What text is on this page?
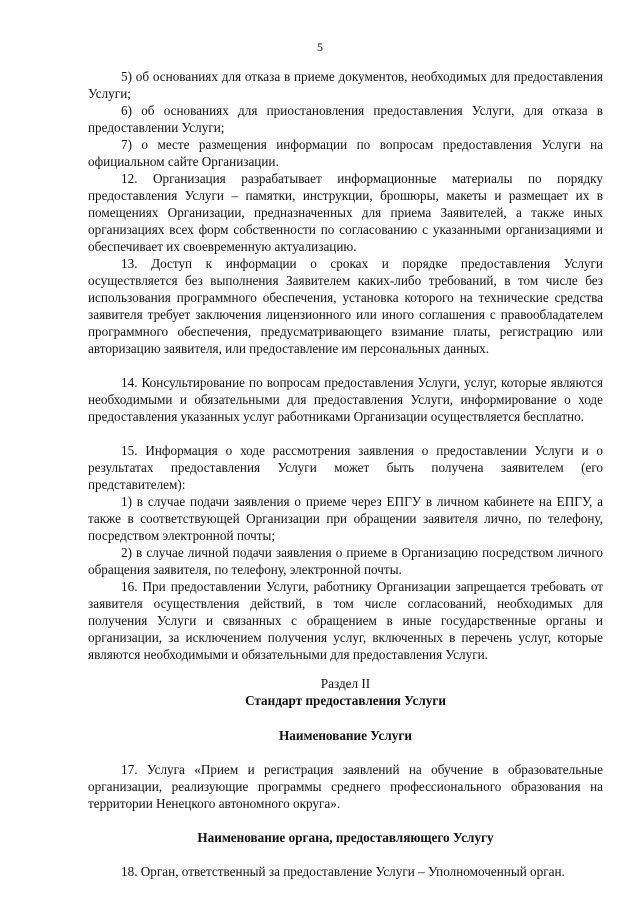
5
5) об основаниях для отказа в приеме документов, необходимых для предоставления Услуги;
6) об основаниях для приостановления предоставления Услуги, для отказа в предоставлении Услуги;
7) о месте размещения информации по вопросам предоставления Услуги на официальном сайте Организации.
12. Организация разрабатывает информационные материалы по порядку предоставления Услуги – памятки, инструкции, брошюры, макеты и размещает их в помещениях Организации, предназначенных для приема Заявителей, а также иных организациях всех форм собственности по согласованию с указанными организациями и обеспечивает их своевременную актуализацию.
13. Доступ к информации о сроках и порядке предоставления Услуги осуществляется без выполнения Заявителем каких-либо требований, в том числе без использования программного обеспечения, установка которого на технические средства заявителя требует заключения лицензионного или иного соглашения с правообладателем программного обеспечения, предусматривающего взимание платы, регистрацию или авторизацию заявителя, или предоставление им персональных данных.
14. Консультирование по вопросам предоставления Услуги, услуг, которые являются необходимыми и обязательными для предоставления Услуги, информирование о ходе предоставления указанных услуг работниками Организации осуществляется бесплатно.
15. Информация о ходе рассмотрения заявления о предоставлении Услуги и о результатах предоставления Услуги может быть получена заявителем (его представителем):
1) в случае подачи заявления о приеме через ЕПГУ в личном кабинете на ЕПГУ, а также в соответствующей Организации при обращении заявителя лично, по телефону, посредством электронной почты;
2) в случае личной подачи заявления о приеме в Организацию посредством личного обращения заявителя, по телефону, электронной почты.
16. При предоставлении Услуги, работнику Организации запрещается требовать от заявителя осуществления действий, в том числе согласований, необходимых для получения Услуги и связанных с обращением в иные государственные органы и организации, за исключением получения услуг, включенных в перечень услуг, которые являются необходимыми и обязательными для предоставления Услуги.
Раздел II
Стандарт предоставления Услуги
Наименование Услуги
17. Услуга «Прием и регистрация заявлений на обучение в образовательные организации, реализующие программы среднего профессионального образования на территории Ненецкого автономного округа».
Наименование органа, предоставляющего Услугу
18. Орган, ответственный за предоставление Услуги – Уполномоченный орган.
